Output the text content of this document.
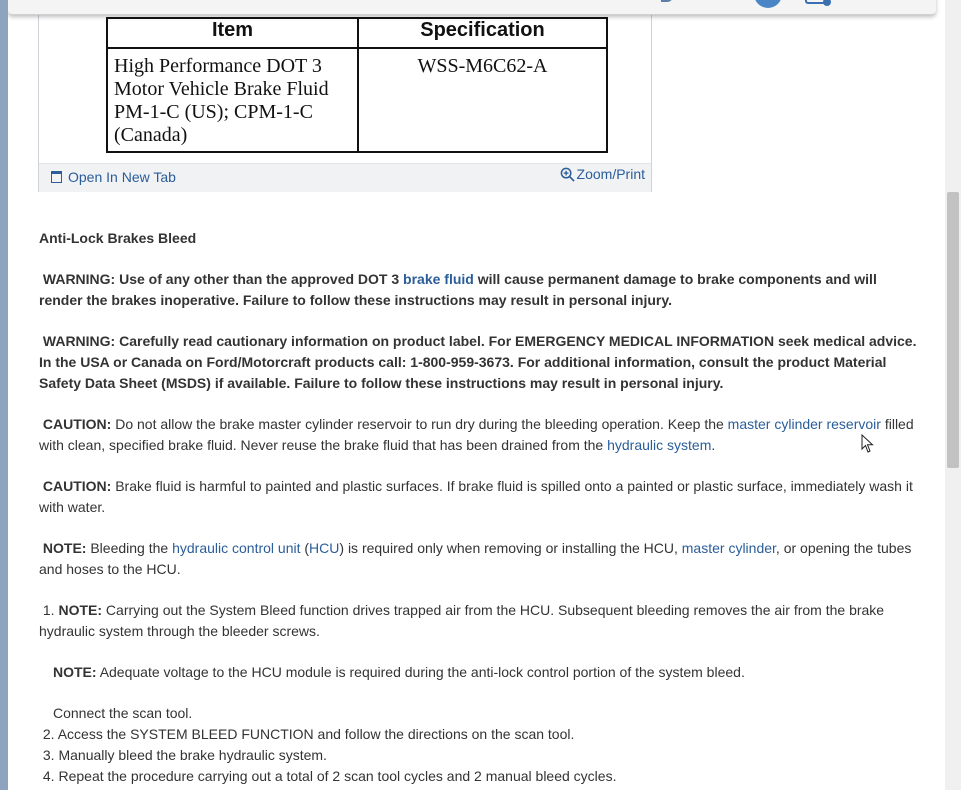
Item	Specification
High Performance DOT 3 Motor Vehicle Brake Fluid PM-1-C (US); CPM-1-C (Canada)	WSS-M6C62-A
Open In New Tab	Zoom/Print

Anti-Lock Brakes Bleed

WARNING: Use of any other than the approved DOT 3 brake fluid will cause permanent damage to brake components and will render the brakes inoperative. Failure to follow these instructions may result in personal injury.

WARNING: Carefully read cautionary information on product label. For EMERGENCY MEDICAL INFORMATION seek medical advice. In the USA or Canada on Ford/Motorcraft products call: 1-800-959-3673. For additional information, consult the product Material Safety Data Sheet (MSDS) if available. Failure to follow these instructions may result in personal injury.

CAUTION: Do not allow the brake master cylinder reservoir to run dry during the bleeding operation. Keep the master cylinder reservoir filled with clean, specified brake fluid. Never reuse the brake fluid that has been drained from the hydraulic system.

CAUTION: Brake fluid is harmful to painted and plastic surfaces. If brake fluid is spilled onto a painted or plastic surface, immediately wash it with water.

NOTE: Bleeding the hydraulic control unit (HCU) is required only when removing or installing the HCU, master cylinder, or opening the tubes and hoses to the HCU.

1. NOTE: Carrying out the System Bleed function drives trapped air from the HCU. Subsequent bleeding removes the air from the brake hydraulic system through the bleeder screws.

NOTE: Adequate voltage to the HCU module is required during the anti-lock control portion of the system bleed.

Connect the scan tool.

2. Access the SYSTEM BLEED FUNCTION and follow the directions on the scan tool.

3. Manually bleed the brake hydraulic system.

4. Repeat the procedure carrying out a total of 2 scan tool cycles and 2 manual bleed cycles.
